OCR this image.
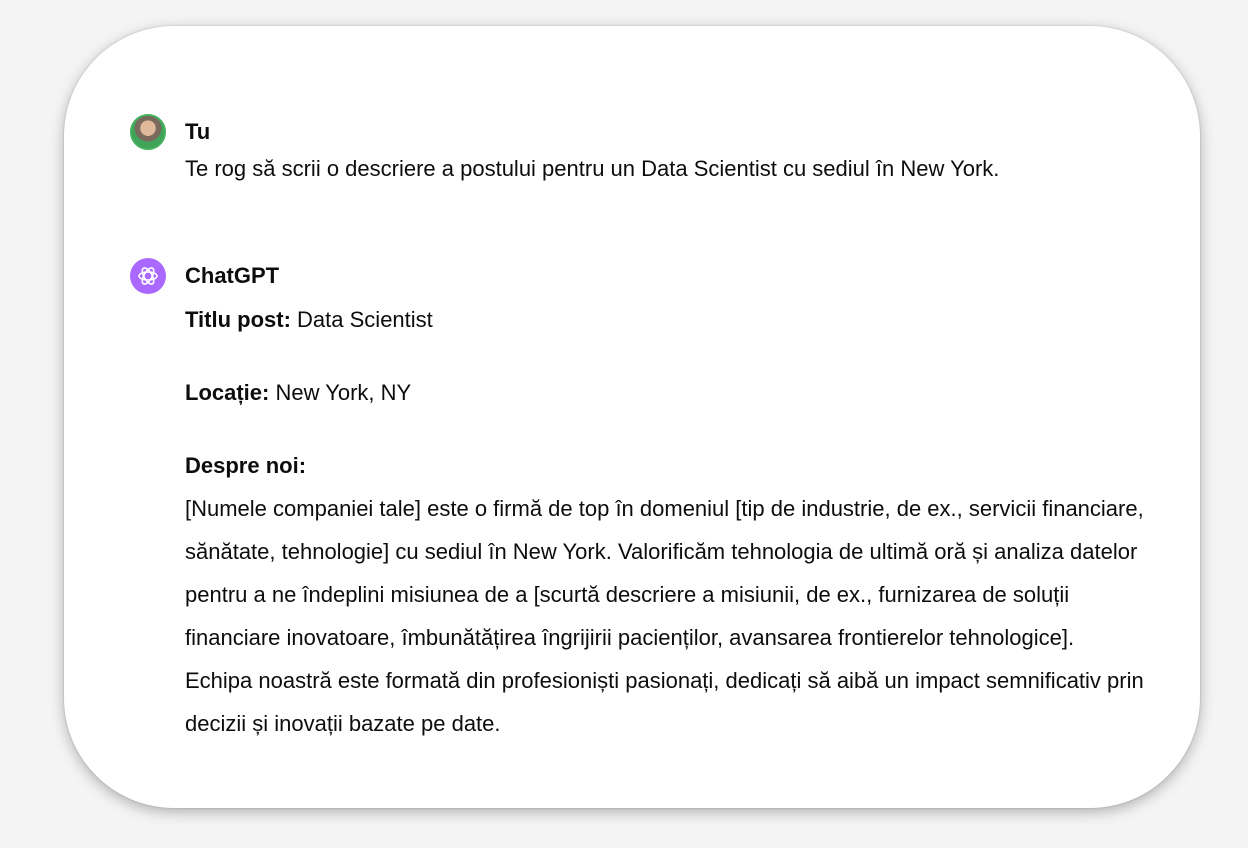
Tu
Te rog să scrii o descriere a postului pentru un Data Scientist cu sediul în New York.
ChatGPT

Titlu post: Data Scientist

Locație: New York, NY

Despre noi:
[Numele companiei tale] este o firmă de top în domeniul [tip de industrie, de ex., servicii financiare, sănătate, tehnologie] cu sediul în New York. Valorificăm tehnologia de ultimă oră și analiza datelor pentru a ne îndeplini misiunea de a [scurtă descriere a misiunii, de ex., furnizarea de soluții financiare inovatoare, îmbunătățirea îngrijirii pacienților, avansarea frontierelor tehnologice]. Echipa noastră este formată din profesioniști pasionați, dedicați să aibă un impact semnificativ prin decizii și inovații bazate pe date.
